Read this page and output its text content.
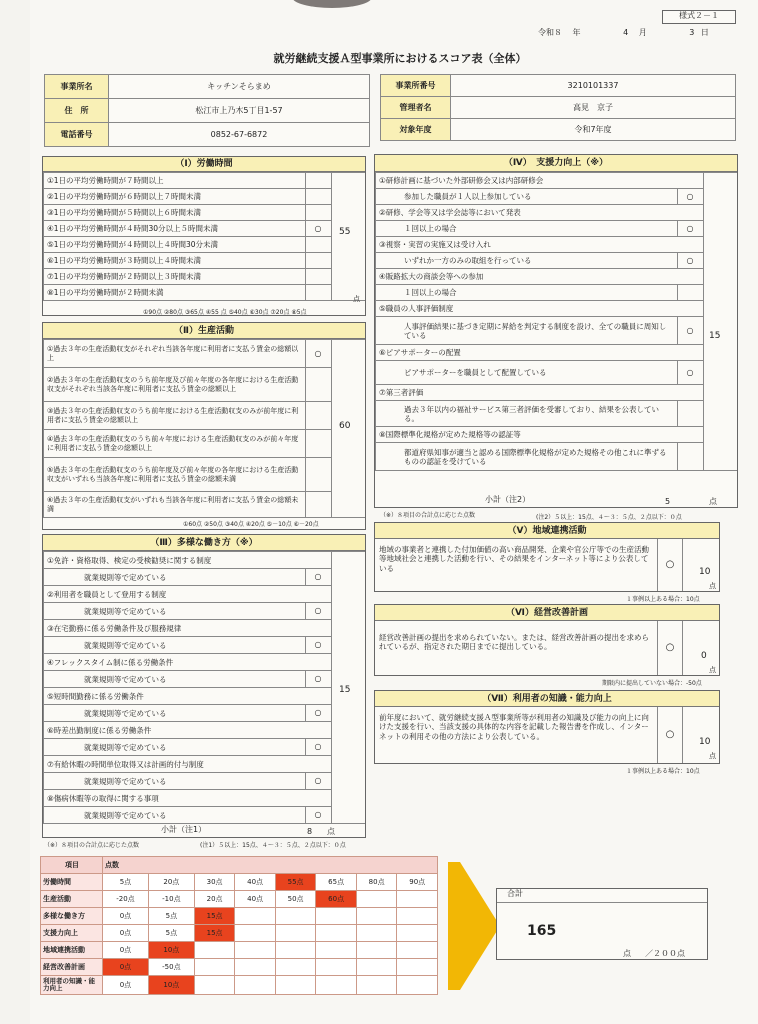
様式２－１
令和８ 年	4 月	3 日
就労継続支援Ａ型事業所におけるスコア表（全体）
事業所名	キッチンそらまめ
住　所	松江市上乃木5丁目1-57
電話番号	0852-67-6872
事業所番号	3210101337
管理者名	高見　京子
対象年度	令和7年度
（Ⅰ）労働時間
①1日の平均労働時間が７時間以上		
②1日の平均労働時間が６時間以上７時間未満		
③1日の平均労働時間が５時間以上６時間未満		
④1日の平均労働時間が４時間30分以上５時間未満	○	
⑤1日の平均労働時間が４時間以上４時間30分未満		
⑥1日の平均労働時間が３時間以上４時間未満		
⑦1日の平均労働時間が２時間以上３時間未満		
⑧1日の平均労働時間が２時間未満		
55
点
①90点 ②80点 ③65点 ④55 点 ⑤40点 ⑥30点 ⑦20点 ⑧5点
（Ⅱ）生産活動
①過去３年の生産活動収支がそれぞれ当該各年度に利用者に支払う賃金の総額以上	○	
②過去３年の生産活動収支のうち前年度及び前々年度の各年度における生産活動収支がそれぞれ当該各年度に利用者に支払う賃金の総額以上		
③過去３年の生産活動収支のうち前年度における生産活動収支のみが前年度に利用者に支払う賃金の総額以上		
④過去３年の生産活動収支のうち前々年度における生産活動収支のみが前々年度に利用者に支払う賃金の総額以上		
⑤過去３年の生産活動収支のうち前年度及び前々年度の各年度における生産活動収支がいずれも当該各年度に利用者に支払う賃金の総額未満		
⑥過去３年の生産活動収支がいずれも当該各年度に利用者に支払う賃金の総額未満		
60
①60点 ②50点 ③40点 ④20点 ⑤－10点 ⑥－20点
（Ⅲ）多様な働き方（※）
①免許・資格取得、検定の受検勧奨に関する制度		
就業規則等で定めている	○	
②利用者を職員として登用する制度		
就業規則等で定めている	○	
③在宅勤務に係る労働条件及び服務規律		
就業規則等で定めている	○	
④フレックスタイム制に係る労働条件		
就業規則等で定めている	○	
⑤短時間勤務に係る労働条件		
就業規則等で定めている	○	
⑥時差出勤制度に係る労働条件		
就業規則等で定めている	○	
⑦有給休暇の時間単位取得又は計画的付与制度		
就業規則等で定めている	○	
⑧傷病休暇等の取得に関する事項		
就業規則等で定めている	○	
15
小計（注1）	8 点
（※）８項目の合計点に応じた点数	(注1）５以上：15点、４～３：５点、２点以下：０点
（Ⅳ）　支援力向上（※）
①研修計画に基づいた外部研修会又は内部研修会		
参加した職員が１人以上参加している	○	
②研修、学会等又は学会誌等において発表		
１回以上の場合	○	
③視察・実習の実施又は受け入れ		
いずれか一方のみの取組を行っている	○	
④販路拡大の商談会等への参加		
１回以上の場合		
⑤職員の人事評価制度		
人事評価結果に基づき定期に昇給を判定する制度を設け、全ての職員に周知している	○	
⑥ピアサポーターの配置		
ピアサポーターを職員として配置している	○	
⑦第三者評価		
過去３年以内の福祉サービス第三者評価を受審しており、結果を公表している。		
⑧国際標準化規格が定めた規格等の認証等		
都道府県知事が適当と認める国際標準化規格が定めた規格その他これに準ずるものの認証を受けている		
15
小計（注2）	5	点
（※）８項目の合計点に応じた点数	(注2）５以上：15点、４～３：５点、２点以下：０点
（Ⅴ）地域連携活動
地域の事業者と連携した付加価値の高い商品開発、企業や官公庁等での生産活動等地域社会と連携した活動を行い、その結果をインターネット等により公表している	○
10
点
１事例以上ある場合：10点
（Ⅵ）経営改善計画
経営改善計画の提出を求められていない。または、経営改善計画の提出を求められているが、指定された期日までに提出している。	○
0
点
期限内に提出していない場合：-50点
（Ⅶ）利用者の知識・能力向上
前年度において、就労継続支援Ａ型事業所等が利用者の知識及び能力の向上に向けた支援を行い、当該支援の具体的な内容を記載した報告書を作成し、インターネットの利用その他の方法により公表している。	○
10
点
１事例以上ある場合：10点
項目	点数							
労働時間	5点	20点	30点	40点	55点	65点	80点	90点
生産活動	-20点	-10点	20点	40点	50点	60点		
多様な働き方	0点	5点	15点					
支援力向上	0点	5点	15点					
地域連携活動	0点	10点						
経営改善計画	0点	-50点						
利用者の知識・能力向上	0点	10点						
合計
165
点 ／２００点
